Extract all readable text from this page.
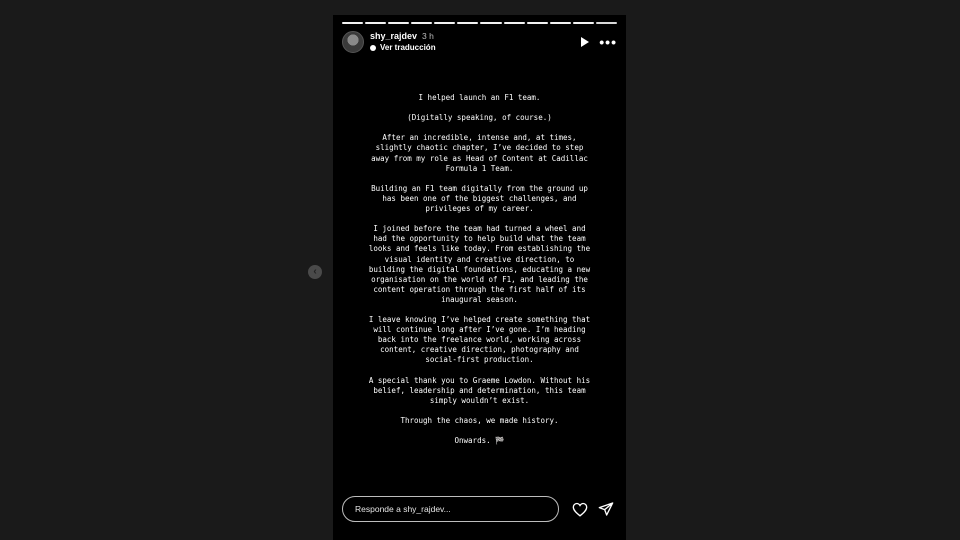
‹
shy_rajdev 3 h
Ver traducción	•••

I helped launch an F1 team.

(Digitally speaking, of course.)

After an incredible, intense and, at times,
slightly chaotic chapter, I’ve decided to step
away from my role as Head of Content at Cadillac
Formula 1 Team.

Building an F1 team digitally from the ground up
has been one of the biggest challenges, and
privileges of my career.

I joined before the team had turned a wheel and
had the opportunity to help build what the team
looks and feels like today. From establishing the
visual identity and creative direction, to
building the digital foundations, educating a new
organisation on the world of F1, and leading the
content operation through the first half of its
inaugural season.

I leave knowing I’ve helped create something that
will continue long after I’ve gone. I’m heading
back into the freelance world, working across
content, creative direction, photography and
social-first production.

A special thank you to Graeme Lowdon. Without his
belief, leadership and determination, this team
simply wouldn’t exist.

Through the chaos, we made history.

Onwards. 🏁

Responde a shy_rajdev...
